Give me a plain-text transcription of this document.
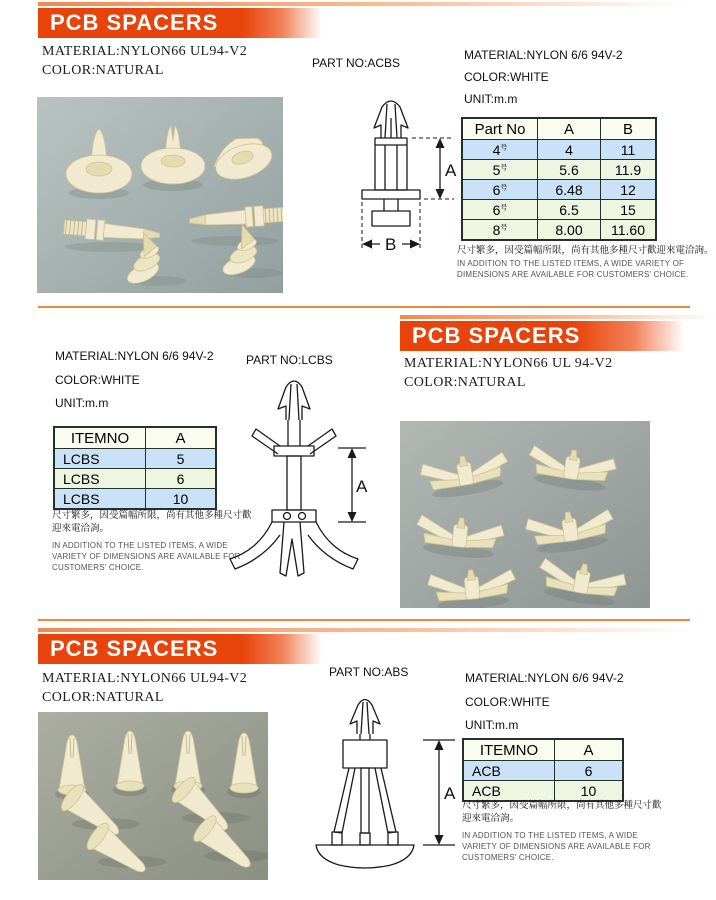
PCB SPACERS
MATERIAL:NYLON66 UL94-V2
COLOR:NATURAL	PART NO:ACBS
A
B
MATERIAL:NYLON 6/6 94V-2
COLOR:WHITE
UNIT:m.m
Part No	A	B
$4^号$	4	11
$5^号$	5.6	11.9
$6^号$	6.48	12
$6^号$	6.5	15
$8^号$	8.00	11.60
尺寸繁多，因受篇幅所限，尚有其他多種尺寸歡迎來電洽詢。
IN ADDITION TO THE LISTED ITEMS, A WIDE VARIETY OF
DIMENSIONS ARE AVAILABLE FOR CUSTOMERS' CHOICE.
MATERIAL:NYLON 6/6 94V-2
COLOR:WHITE
UNIT:m.m
ITEMNO	A
LCBS	5
LCBS	6
LCBS	10
尺寸繁多，因受篇幅所限，尚有其他多種尺寸歡
迎來電洽詢。
IN ADDITION TO THE LISTED ITEMS, A WIDE
VARIETY OF DIMENSIONS ARE AVAILABLE FOR
CUSTOMERS' CHOICE.
PART NO:LCBS
A
PCB SPACERS
MATERIAL:NYLON66 UL 94-V2
COLOR:NATURAL
PCB SPACERS
MATERIAL:NYLON66 UL94-V2
COLOR:NATURAL
PART NO:ABS
A
MATERIAL:NYLON 6/6 94V-2
COLOR:WHITE
UNIT:m.m
ITEMNO	A
ACB	6
ACB	10
尺寸繁多，因受篇幅所限，尚有其他多種尺寸歡
迎來電洽詢。
IN ADDITION TO THE LISTED ITEMS, A WIDE
VARIETY OF DIMENSIONS ARE AVAILABLE FOR
CUSTOMERS' CHOICE.
